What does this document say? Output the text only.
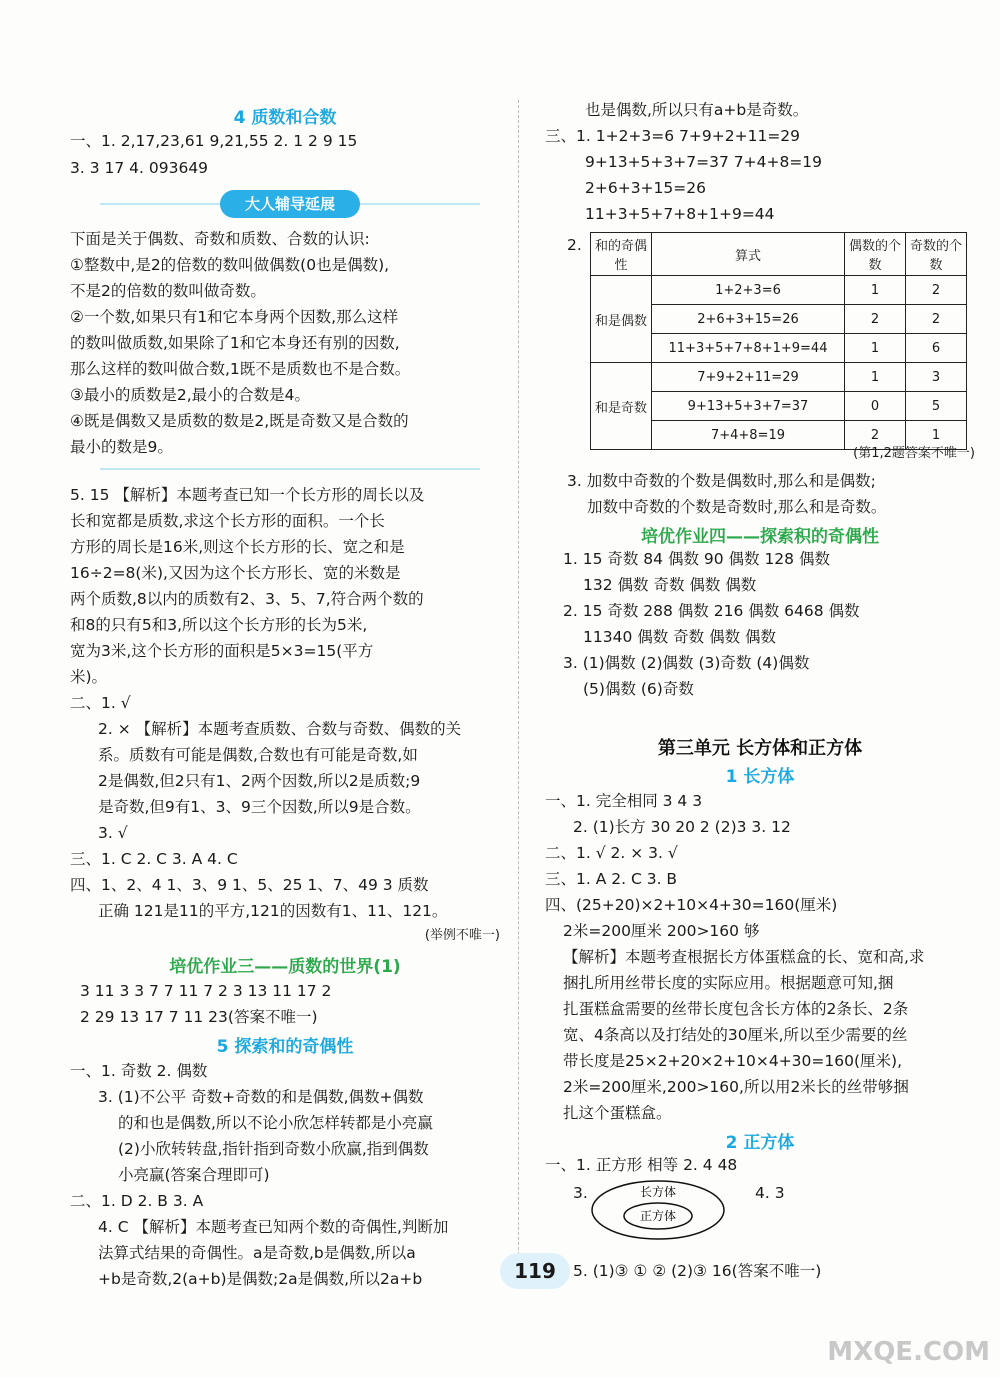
4 质数和合数
一、1. 2,17,23,61 9,21,55 2. 1 2 9 15
3. 3 17 4. 093649
大人辅导延展
下面是关于偶数、奇数和质数、合数的认识:
①整数中,是2的倍数的数叫做偶数(0也是偶数),
不是2的倍数的数叫做奇数。
②一个数,如果只有1和它本身两个因数,那么这样
的数叫做质数,如果除了1和它本身还有别的因数,
那么这样的数叫做合数,1既不是质数也不是合数。
③最小的质数是2,最小的合数是4。
④既是偶数又是质数的数是2,既是奇数又是合数的
最小的数是9。
5. 15 【解析】本题考查已知一个长方形的周长以及
长和宽都是质数,求这个长方形的面积。一个长
方形的周长是16米,则这个长方形的长、宽之和是
16÷2=8(米),又因为这个长方形长、宽的米数是
两个质数,8以内的质数有2、3、5、7,符合两个数的
和8的只有5和3,所以这个长方形的长为5米,
宽为3米,这个长方形的面积是5×3=15(平方
米)。
二、1. √
2. × 【解析】本题考查质数、合数与奇数、偶数的关
系。质数有可能是偶数,合数也有可能是奇数,如
2是偶数,但2只有1、2两个因数,所以2是质数;9
是奇数,但9有1、3、9三个因数,所以9是合数。
3. √
三、1. C 2. C 3. A 4. C
四、1、2、4 1、3、9 1、5、25 1、7、49 3 质数
正确 121是11的平方,121的因数有1、11、121。
(举例不唯一)
培优作业三——质数的世界(1)
3 11 3 3 7 7 11 7 2 3 13 11 17 2
2 29 13 17 7 11 23(答案不唯一)
5 探索和的奇偶性
一、1. 奇数 2. 偶数
3. (1)不公平 奇数+奇数的和是偶数,偶数+偶数
的和也是偶数,所以不论小欣怎样转都是小亮赢
(2)小欣转转盘,指针指到奇数小欣赢,指到偶数
小亮赢(答案合理即可)
二、1. D 2. B 3. A
4. C 【解析】本题考查已知两个数的奇偶性,判断加
法算式结果的奇偶性。a是奇数,b是偶数,所以a
+b是奇数,2(a+b)是偶数;2a是偶数,所以2a+b
也是偶数,所以只有a+b是奇数。
三、1. 1+2+3=6 7+9+2+11=29
9+13+5+3+7=37 7+4+8=19
2+6+3+15=26
11+3+5+7+8+1+9=44
2. 和的奇偶性	算式	偶数的个数	奇数的个数
和是偶数	1+2+3=6	1	2
	2+6+3+15=26	2	2
	11+3+5+7+8+1+9=44	1	6
和是奇数	7+9+2+11=29	1	3
	9+13+5+3+7=37	0	5
	7+4+8=19	2	1
(第1,2题答案不唯一)
3. 加数中奇数的个数是偶数时,那么和是偶数;
加数中奇数的个数是奇数时,那么和是奇数。
培优作业四——探索积的奇偶性
1. 15 奇数 84 偶数 90 偶数 128 偶数
132 偶数 奇数 偶数 偶数
2. 15 奇数 288 偶数 216 偶数 6468 偶数
11340 偶数 奇数 偶数 偶数
3. (1)偶数 (2)偶数 (3)奇数 (4)偶数
(5)偶数 (6)奇数
第三单元 长方体和正方体
1 长方体
一、1. 完全相同 3 4 3
2. (1)长方 30 20 2 (2)3 3. 12
二、1. √ 2. × 3. √
三、1. A 2. C 3. B
四、(25+20)×2+10×4+30=160(厘米)
2米=200厘米 200>160 够
【解析】本题考查根据长方体蛋糕盒的长、宽和高,求
捆扎所用丝带长度的实际应用。根据题意可知,捆
扎蛋糕盒需要的丝带长度包含长方体的2条长、2条
宽、4条高以及打结处的30厘米,所以至少需要的丝
带长度是25×2+20×2+10×4+30=160(厘米),
2米=200厘米,200>160,所以用2米长的丝带够捆
扎这个蛋糕盒。
2 正方体
一、1. 正方形 相等 2. 4 48
3.	4. 3
5. (1)③ ① ② (2)③ 16(答案不唯一)
长方体
正方体
119
MXQE.COM
